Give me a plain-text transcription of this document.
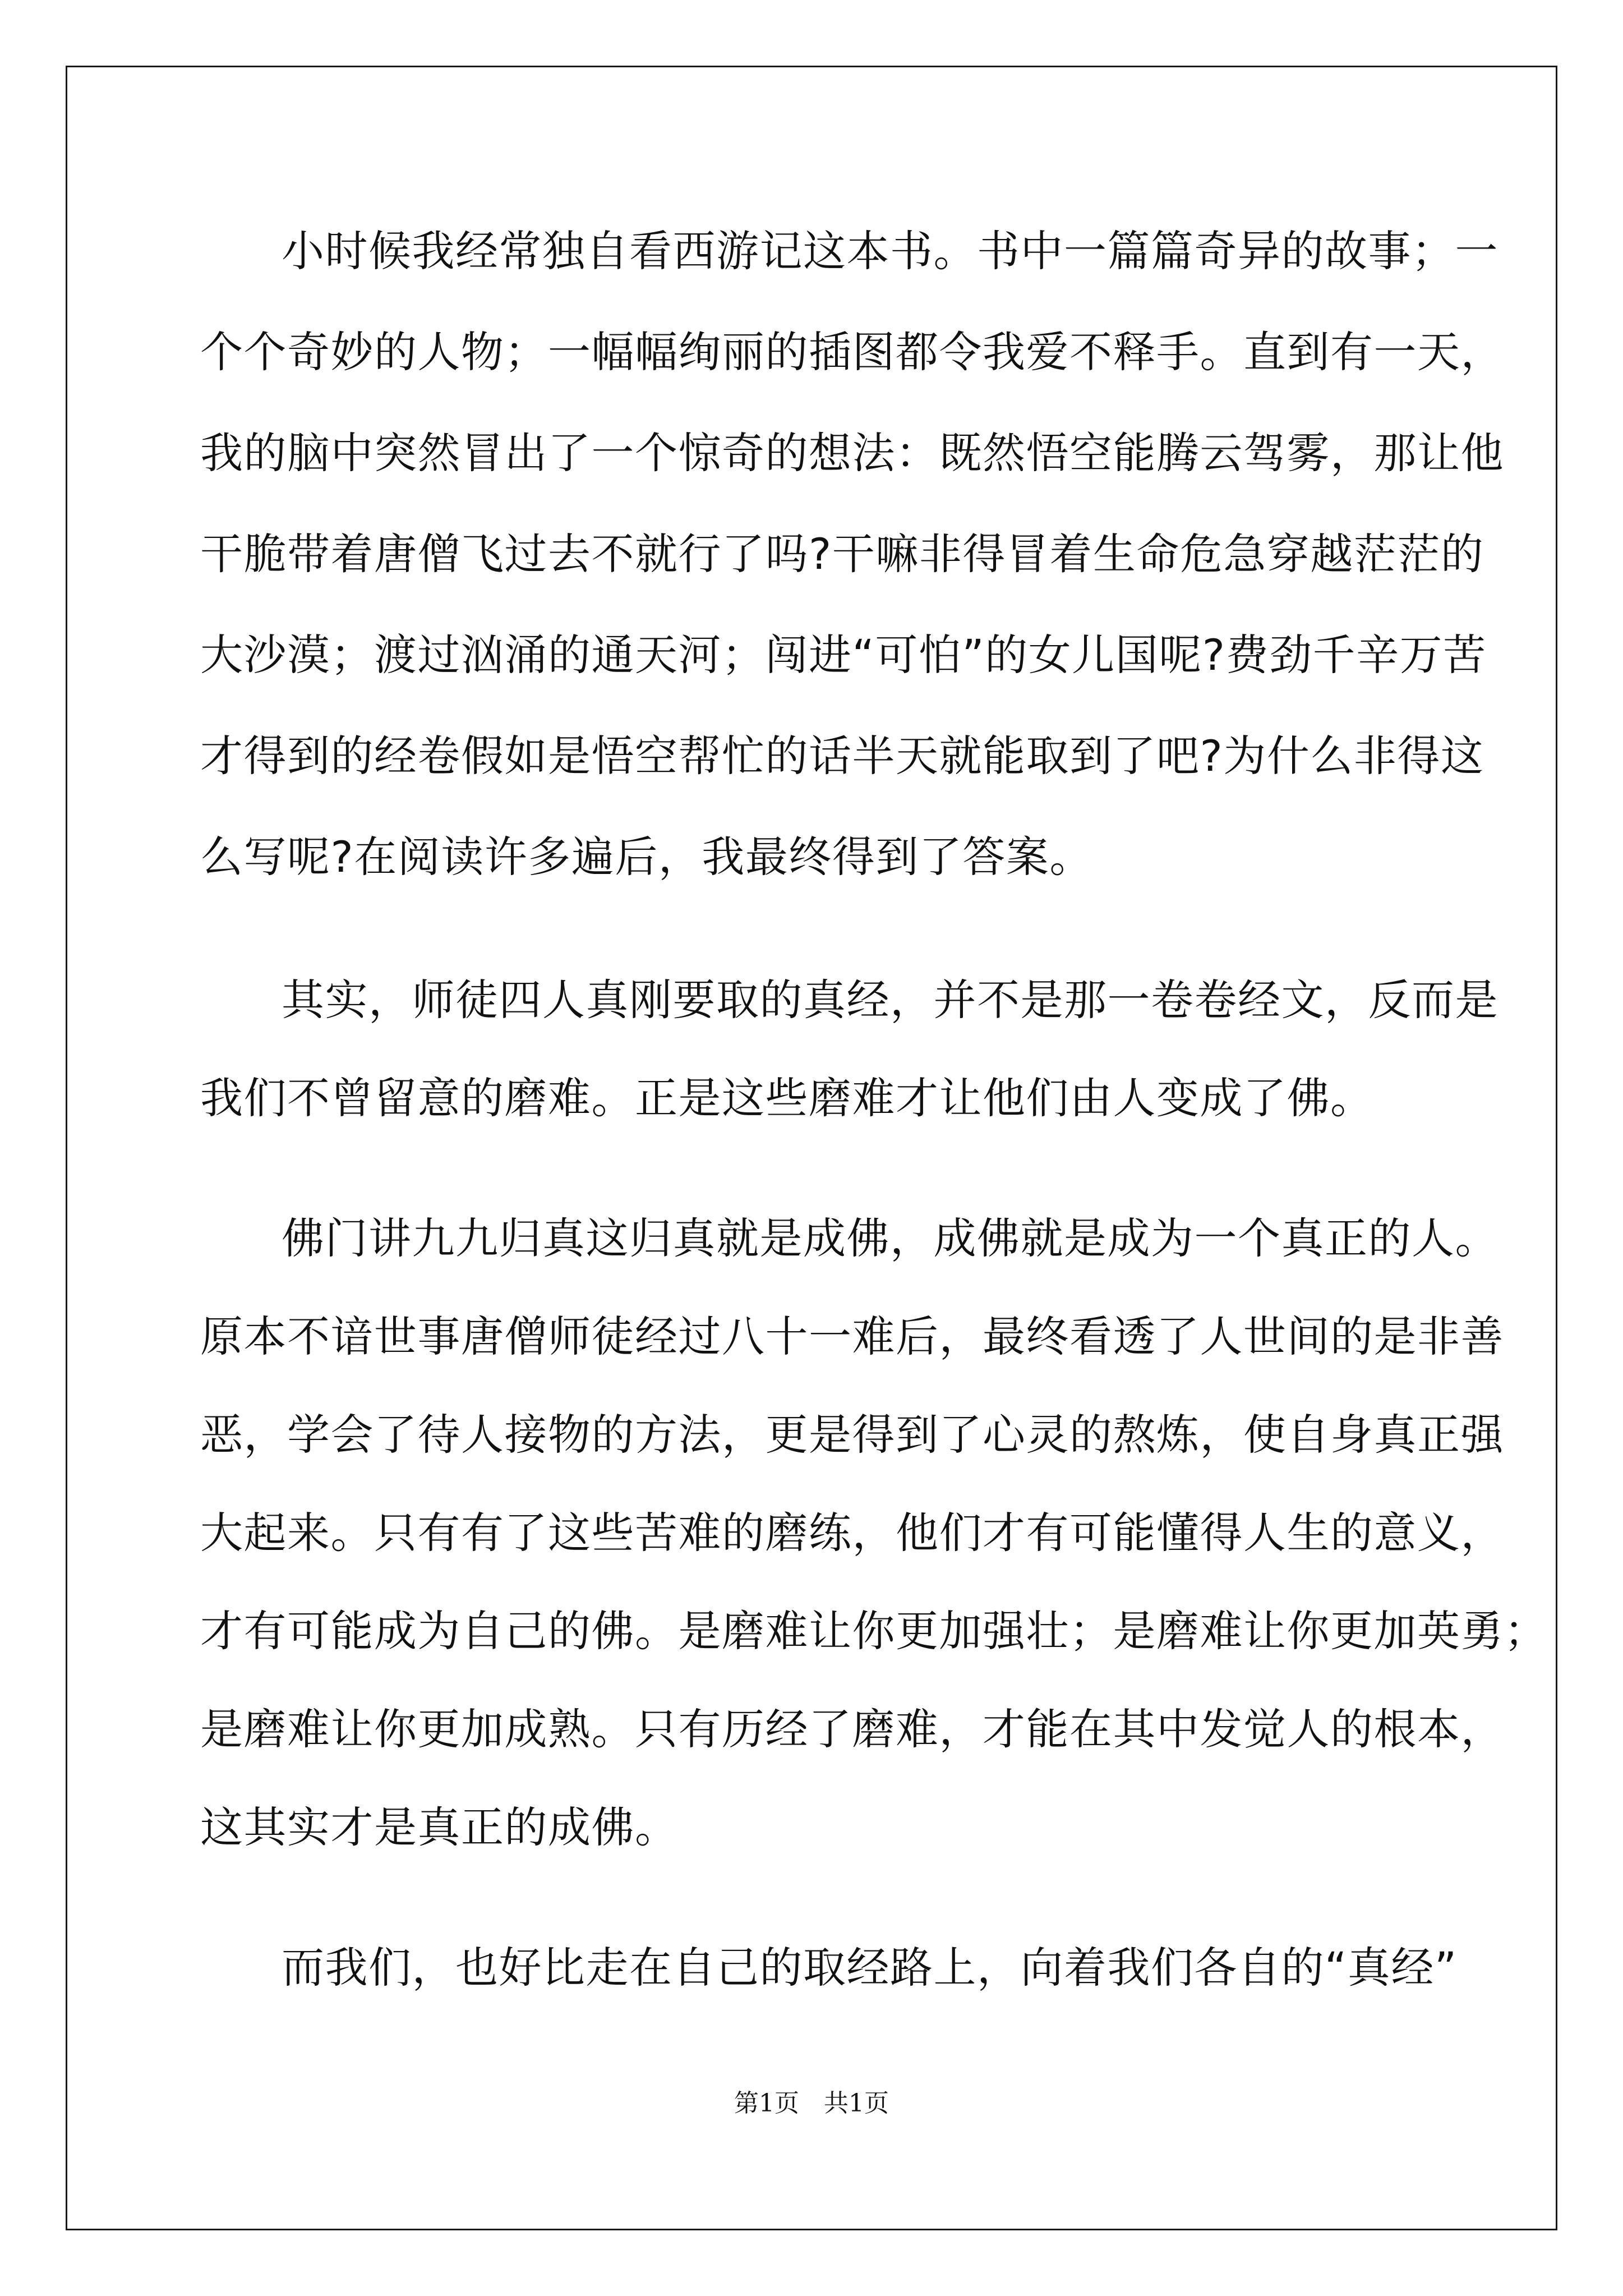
小时候我经常独自看西游记这本书。书中一篇篇奇异的故事；一
个个奇妙的人物；一幅幅绚丽的插图都令我爱不释手。直到有一天，
我的脑中突然冒出了一个惊奇的想法：既然悟空能腾云驾雾，那让他
干脆带着唐僧飞过去不就行了吗?干嘛非得冒着生命危急穿越茫茫的
大沙漠；渡过汹涌的通天河；闯进“可怕”的女儿国呢?费劲千辛万苦
才得到的经卷假如是悟空帮忙的话半天就能取到了吧?为什么非得这
么写呢?在阅读许多遍后，我最终得到了答案。
其实，师徒四人真刚要取的真经，并不是那一卷卷经文，反而是
我们不曾留意的磨难。正是这些磨难才让他们由人变成了佛。
佛门讲九九归真这归真就是成佛，成佛就是成为一个真正的人。
原本不谙世事唐僧师徒经过八十一难后，最终看透了人世间的是非善
恶，学会了待人接物的方法，更是得到了心灵的熬炼，使自身真正强
大起来。只有有了这些苦难的磨练，他们才有可能懂得人生的意义，
才有可能成为自己的佛。是磨难让你更加强壮；是磨难让你更加英勇；
是磨难让你更加成熟。只有历经了磨难，才能在其中发觉人的根本，
这其实才是真正的成佛。
而我们，也好比走在自己的取经路上，向着我们各自的“真经”
第1页　共1页
